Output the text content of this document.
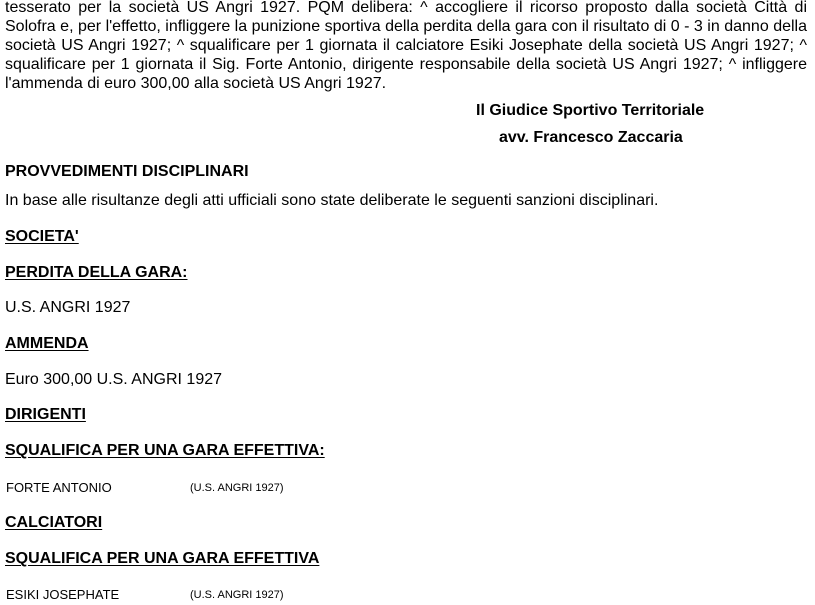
tesserato per la società US Angri 1927. PQM delibera: ^ accogliere il ricorso proposto dalla società Città di Solofra e, per l'effetto, infliggere la punizione sportiva della perdita della gara con il risultato di 0 - 3 in danno della società US Angri 1927; ^ squalificare per 1 giornata il calciatore Esiki Josephate della società US Angri 1927; ^ squalificare per 1 giornata il Sig. Forte Antonio, dirigente responsabile della società US Angri 1927; ^ infliggere l'ammenda di euro 300,00 alla società US Angri 1927.

Il Giudice Sportivo Territoriale
avv. Francesco Zaccaria
PROVVEDIMENTI DISCIPLINARI
In base alle risultanze degli atti ufficiali sono state deliberate le seguenti sanzioni disciplinari.
SOCIETA'
PERDITA DELLA GARA:
U.S. ANGRI 1927
AMMENDA
Euro 300,00 U.S. ANGRI 1927
DIRIGENTI
SQUALIFICA PER UNA GARA EFFETTIVA:
FORTE ANTONIO	(U.S. ANGRI 1927)
CALCIATORI
SQUALIFICA PER UNA GARA EFFETTIVA
ESIKI JOSEPHATE	(U.S. ANGRI 1927)
